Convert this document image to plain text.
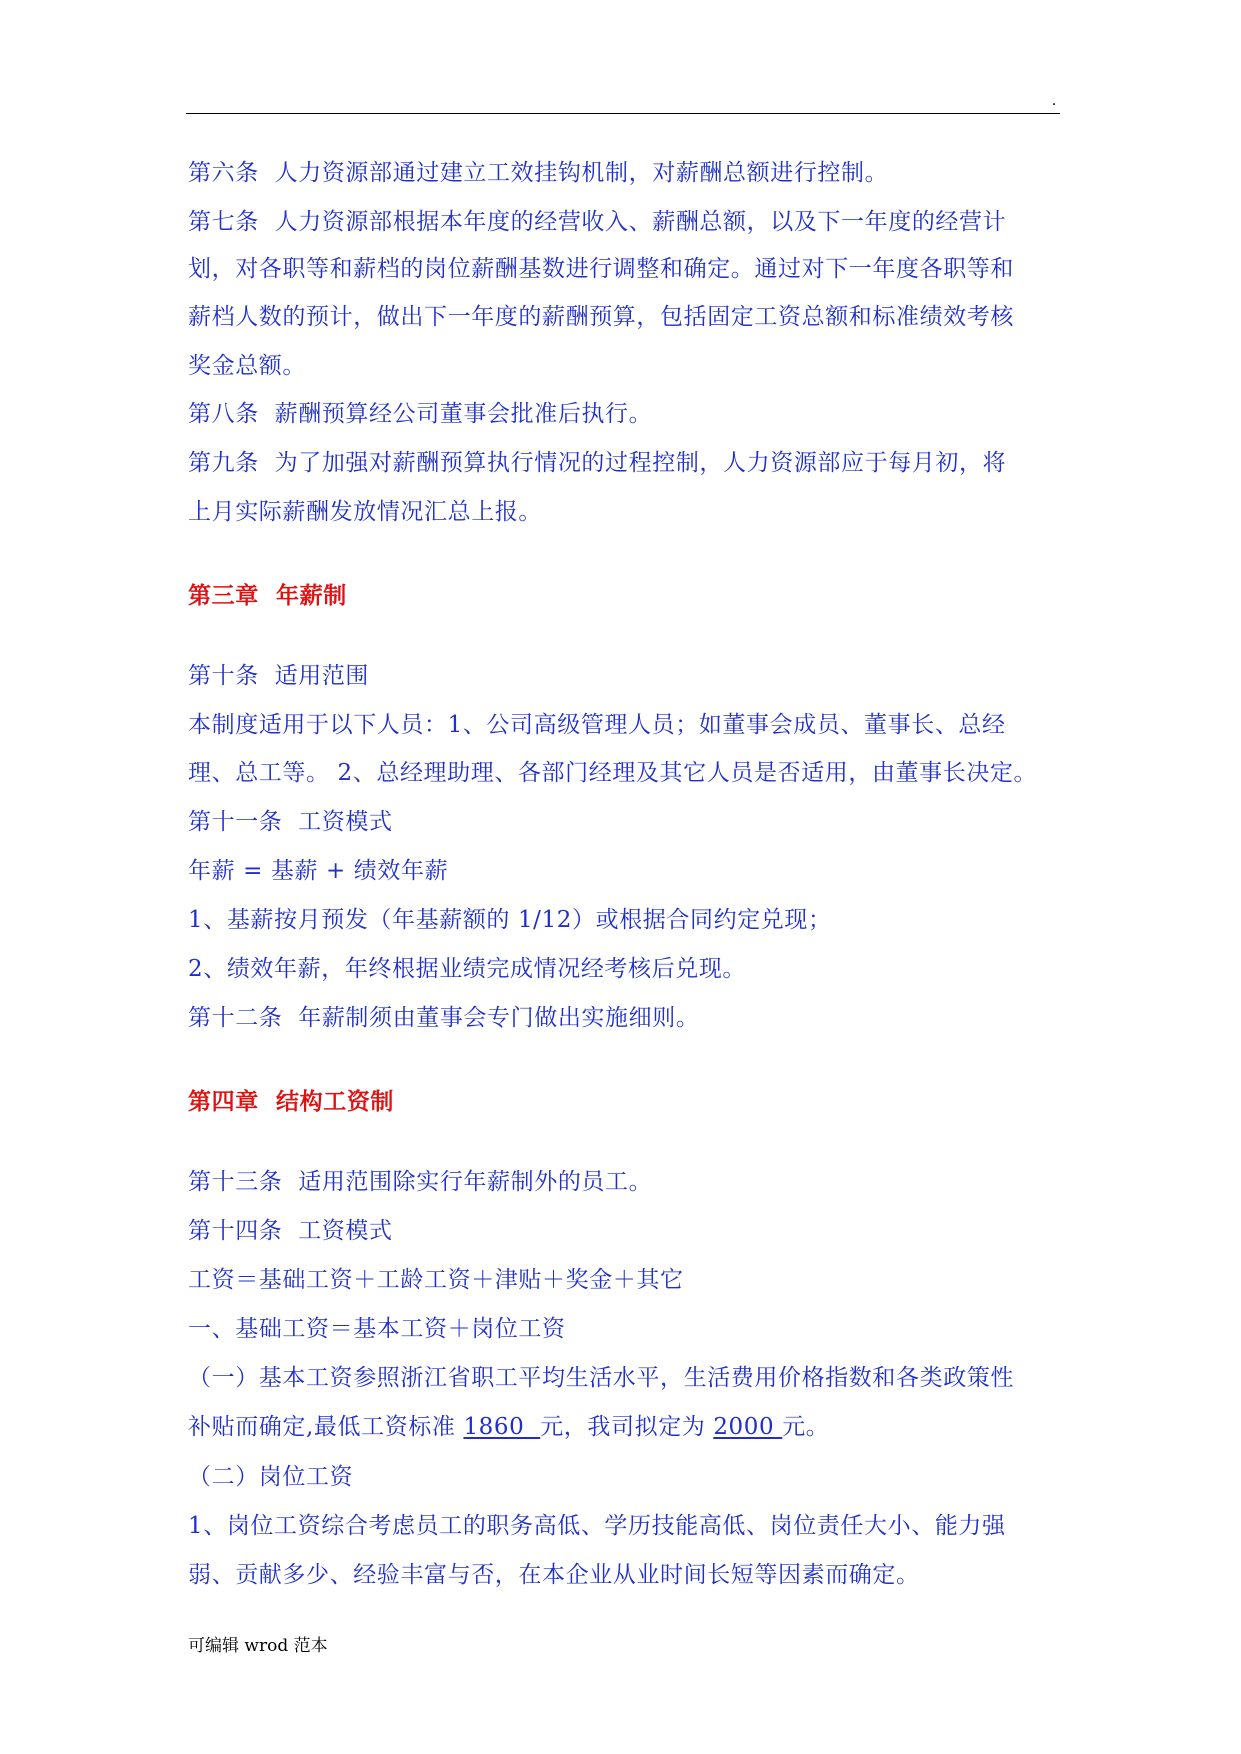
.
第六条  人力资源部通过建立工效挂钩机制，对薪酬总额进行控制。
第七条  人力资源部根据本年度的经营收入、薪酬总额，以及下一年度的经营计
划，对各职等和薪档的岗位薪酬基数进行调整和确定。通过对下一年度各职等和
薪档人数的预计，做出下一年度的薪酬预算，包括固定工资总额和标准绩效考核
奖金总额。
第八条  薪酬预算经公司董事会批准后执行。
第九条  为了加强对薪酬预算执行情况的过程控制，人力资源部应于每月初，将
上月实际薪酬发放情况汇总上报。
第三章  年薪制
第十条  适用范围
本制度适用于以下人员：1、公司高级管理人员；如董事会成员、董事长、总经
理、总工等。 2、总经理助理、各部门经理及其它人员是否适用，由董事长决定。
第十一条  工资模式
年薪 = 基薪 + 绩效年薪
1、基薪按月预发（年基薪额的 1/12）或根据合同约定兑现；
2、绩效年薪，年终根据业绩完成情况经考核后兑现。
第十二条  年薪制须由董事会专门做出实施细则。
第四章  结构工资制
第十三条  适用范围除实行年薪制外的员工。
第十四条  工资模式
工资＝基础工资＋工龄工资＋津贴＋奖金＋其它
一、基础工资＝基本工资＋岗位工资
（一）基本工资参照浙江省职工平均生活水平，生活费用价格指数和各类政策性
补贴而确定,最低工资标准 1860  元，我司拟定为 2000 元。
（二）岗位工资
1、岗位工资综合考虑员工的职务高低、学历技能高低、岗位责任大小、能力强
弱、贡献多少、经验丰富与否，在本企业从业时间长短等因素而确定。
可编辑 wrod 范本
